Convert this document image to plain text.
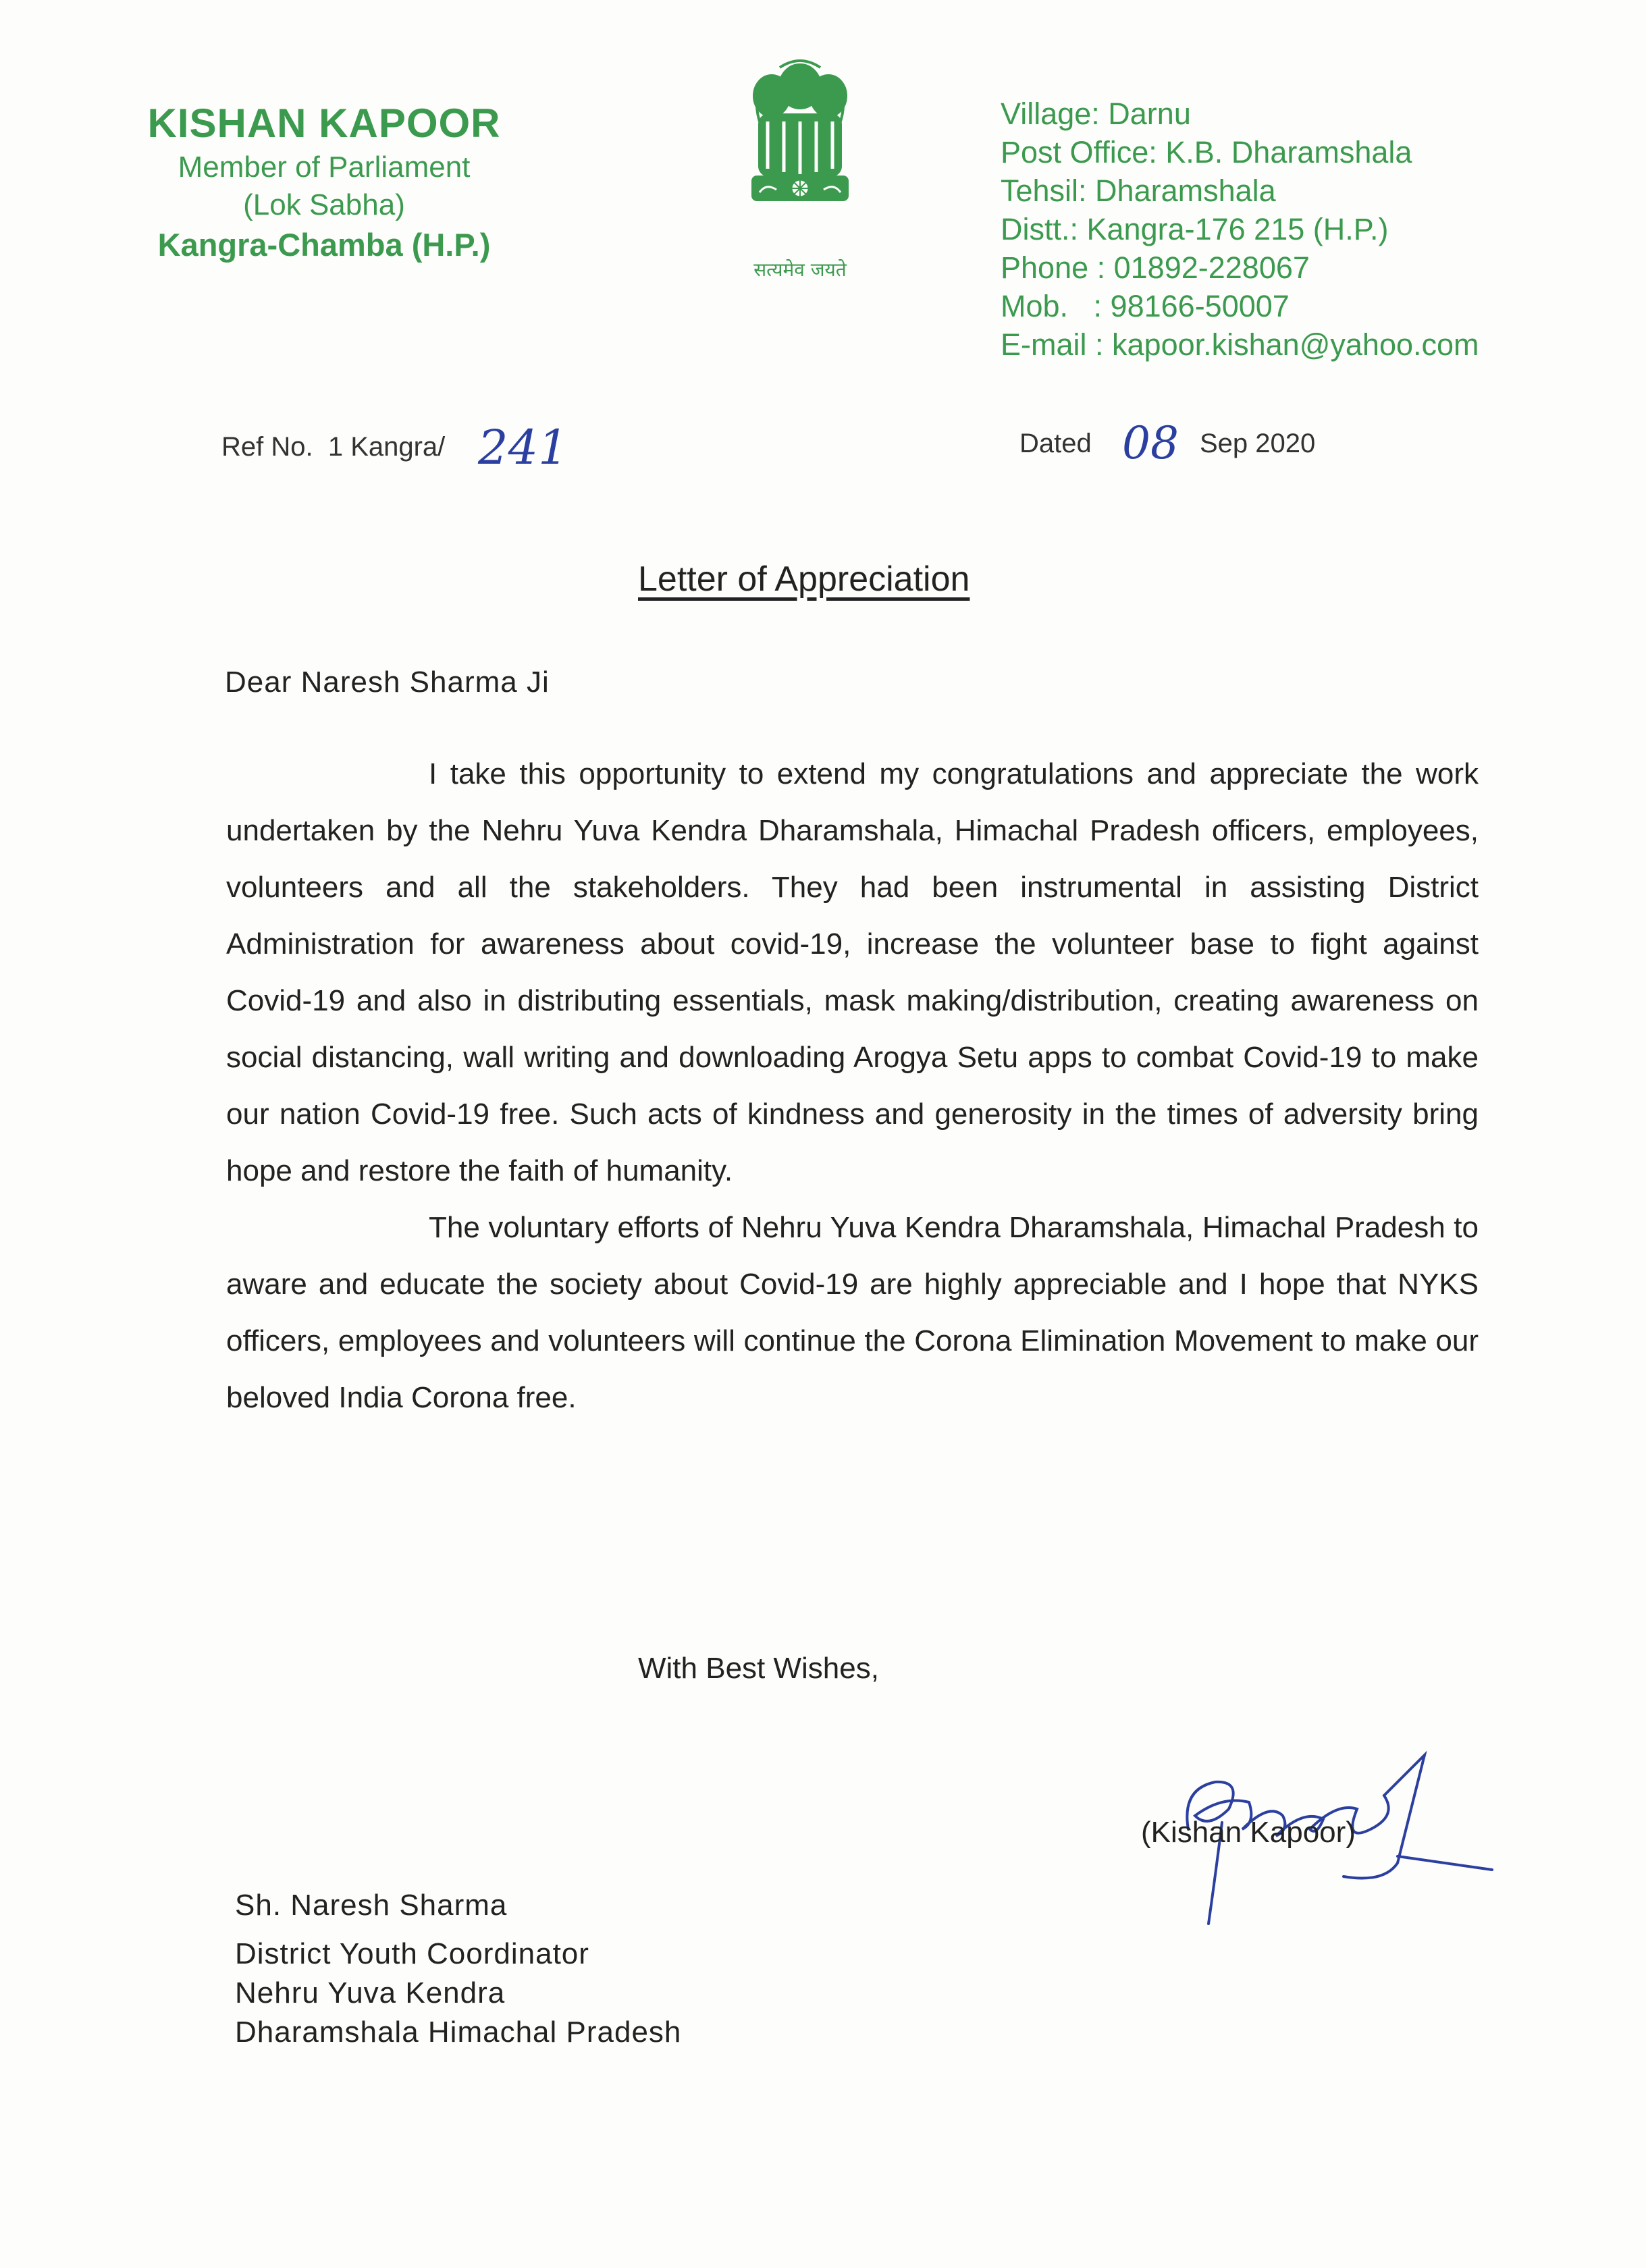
KISHAN KAPOOR
Member of Parliament
(Lok Sabha)
Kangra-Chamba (H.P.)
सत्यमेव जयते
Village: Darnu
Post Office: K.B. Dharamshala
Tehsil: Dharamshala
Distt.: Kangra-176 215 (H.P.)
Phone : 01892-228067
Mob.   : 98166-50007
E-mail : kapoor.kishan@yahoo.com
Ref No.  1 Kangra/ 241	Dated 08 Sep 2020
Letter of Appreciation
Dear Naresh Sharma Ji

I take this opportunity to extend my congratulations and appreciate the work undertaken by the Nehru Yuva Kendra Dharamshala, Himachal Pradesh officers, employees, volunteers and all the stakeholders. They had been instrumental in assisting District Administration for awareness about covid-19, increase the volunteer base to fight against Covid-19 and also in distributing essentials, mask making/distribution, creating awareness on social distancing, wall writing and downloading Arogya Setu apps to combat Covid-19 to make our nation Covid-19 free. Such acts of kindness and generosity in the times of adversity bring hope and restore the faith of humanity.

The voluntary efforts of Nehru Yuva Kendra Dharamshala, Himachal Pradesh to aware and educate the society about Covid-19 are highly appreciable and I hope that NYKS officers, employees and volunteers will continue the Corona Elimination Movement to make our beloved India Corona free.

With Best Wishes,
(Kishan Kapoor)
Sh. Naresh Sharma
District Youth Coordinator
Nehru Yuva Kendra
Dharamshala Himachal Pradesh
